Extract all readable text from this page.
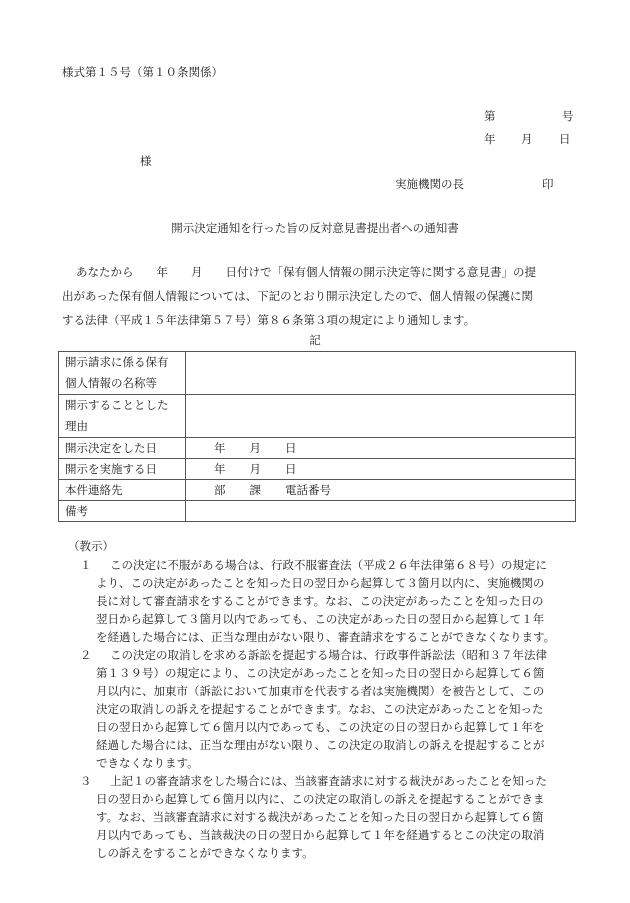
様式第１５号（第１０条関係）
第	号
年 月 日
様
実施機関の長	印
開示決定通知を行った旨の反対意見書提出者への通知書
あなたから　　年　　月　　日付けで「保有個人情報の開示決定等に関する意見書」の提
出があった保有個人情報については、下記のとおり開示決定したので、個人情報の保護に関
する法律（平成１５年法律第５７号）第８６条第３項の規定により通知します。
記
開示請求に係る保有
個人情報の名称等	

開示することとした
理由	

開示決定をした日	年 月 日
開示を実施する日	年 月 日
本件連絡先	部 課 電話番号
備考	
（教示）
１ この決定に不服がある場合は、行政不服審査法（平成２６年法律第６８号）の規定に
より、この決定があったことを知った日の翌日から起算して３箇月以内に、実施機関の
長に対して審査請求をすることができます。なお、この決定があったことを知った日の
翌日から起算して３箇月以内であっても、この決定があった日の翌日から起算して１年
を経過した場合には、正当な理由がない限り、審査請求をすることができなくなります。
２ この決定の取消しを求める訴訟を提起する場合は、行政事件訴訟法（昭和３７年法律
第１３９号）の規定により、この決定があったことを知った日の翌日から起算して６箇
月以内に、加東市（訴訟において加東市を代表する者は実施機関）を被告として、この
決定の取消しの訴えを提起することができます。なお、この決定があったことを知った
日の翌日から起算して６箇月以内であっても、この決定の日の翌日から起算して１年を
経過した場合には、正当な理由がない限り、この決定の取消しの訴えを提起することが
できなくなります。
３ 上記１の審査請求をした場合には、当該審査請求に対する裁決があったことを知った
日の翌日から起算して６箇月以内に、この決定の取消しの訴えを提起することができま
す。なお、当該審査請求に対する裁決があったことを知った日の翌日から起算して６箇
月以内であっても、当該裁決の日の翌日から起算して１年を経過するとこの決定の取消
しの訴えをすることができなくなります。
